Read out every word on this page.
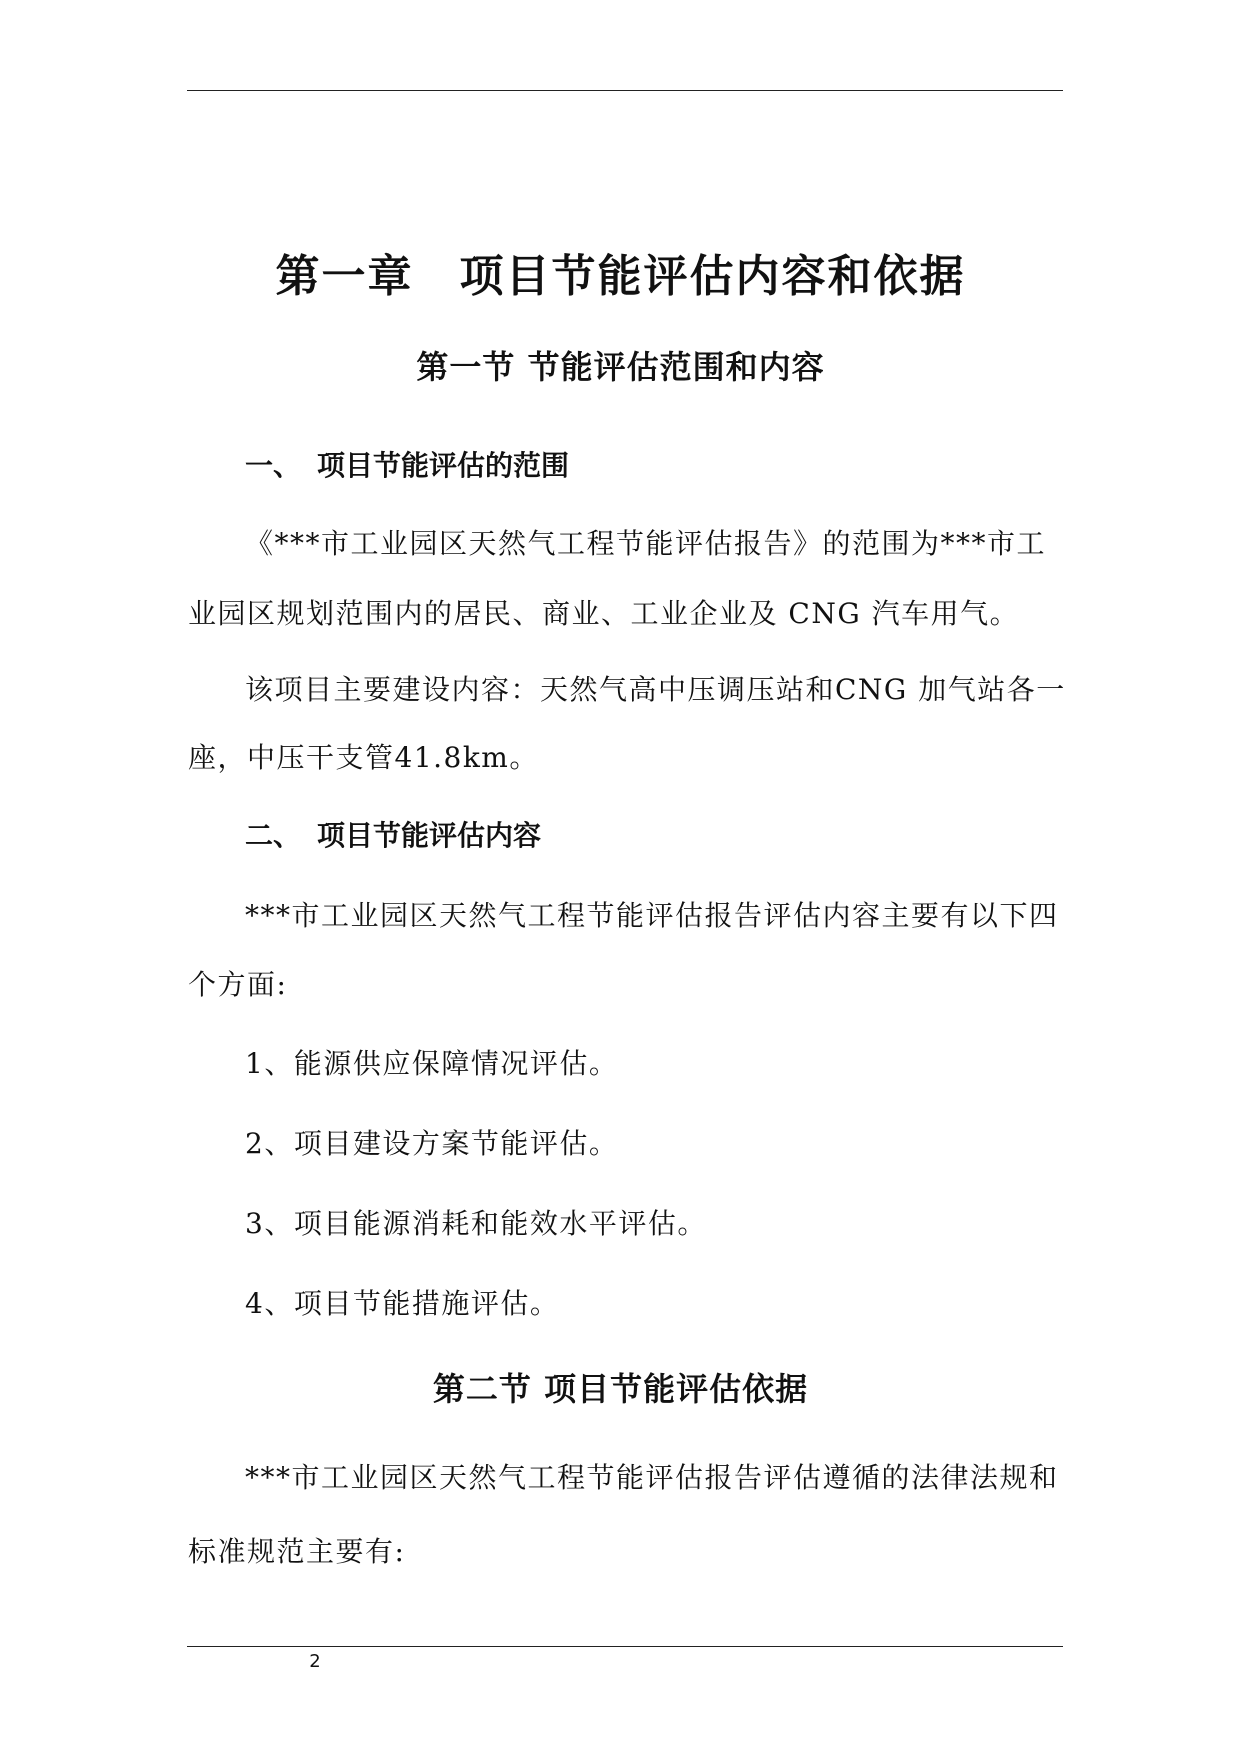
第一章　项目节能评估内容和依据
第一节 节能评估范围和内容
一、 项目节能评估的范围
《***市工业园区天然气工程节能评估报告》的范围为***市工
业园区规划范围内的居民、商业、工业企业及 CNG 汽车用气。
该项目主要建设内容：天然气高中压调压站和CNG 加气站各一
座，中压干支管41.8km。
二、 项目节能评估内容
***市工业园区天然气工程节能评估报告评估内容主要有以下四
个方面:
1、能源供应保障情况评估。
2、项目建设方案节能评估。
3、项目能源消耗和能效水平评估。
4、项目节能措施评估。
第二节 项目节能评估依据
***市工业园区天然气工程节能评估报告评估遵循的法律法规和
标准规范主要有:
2
